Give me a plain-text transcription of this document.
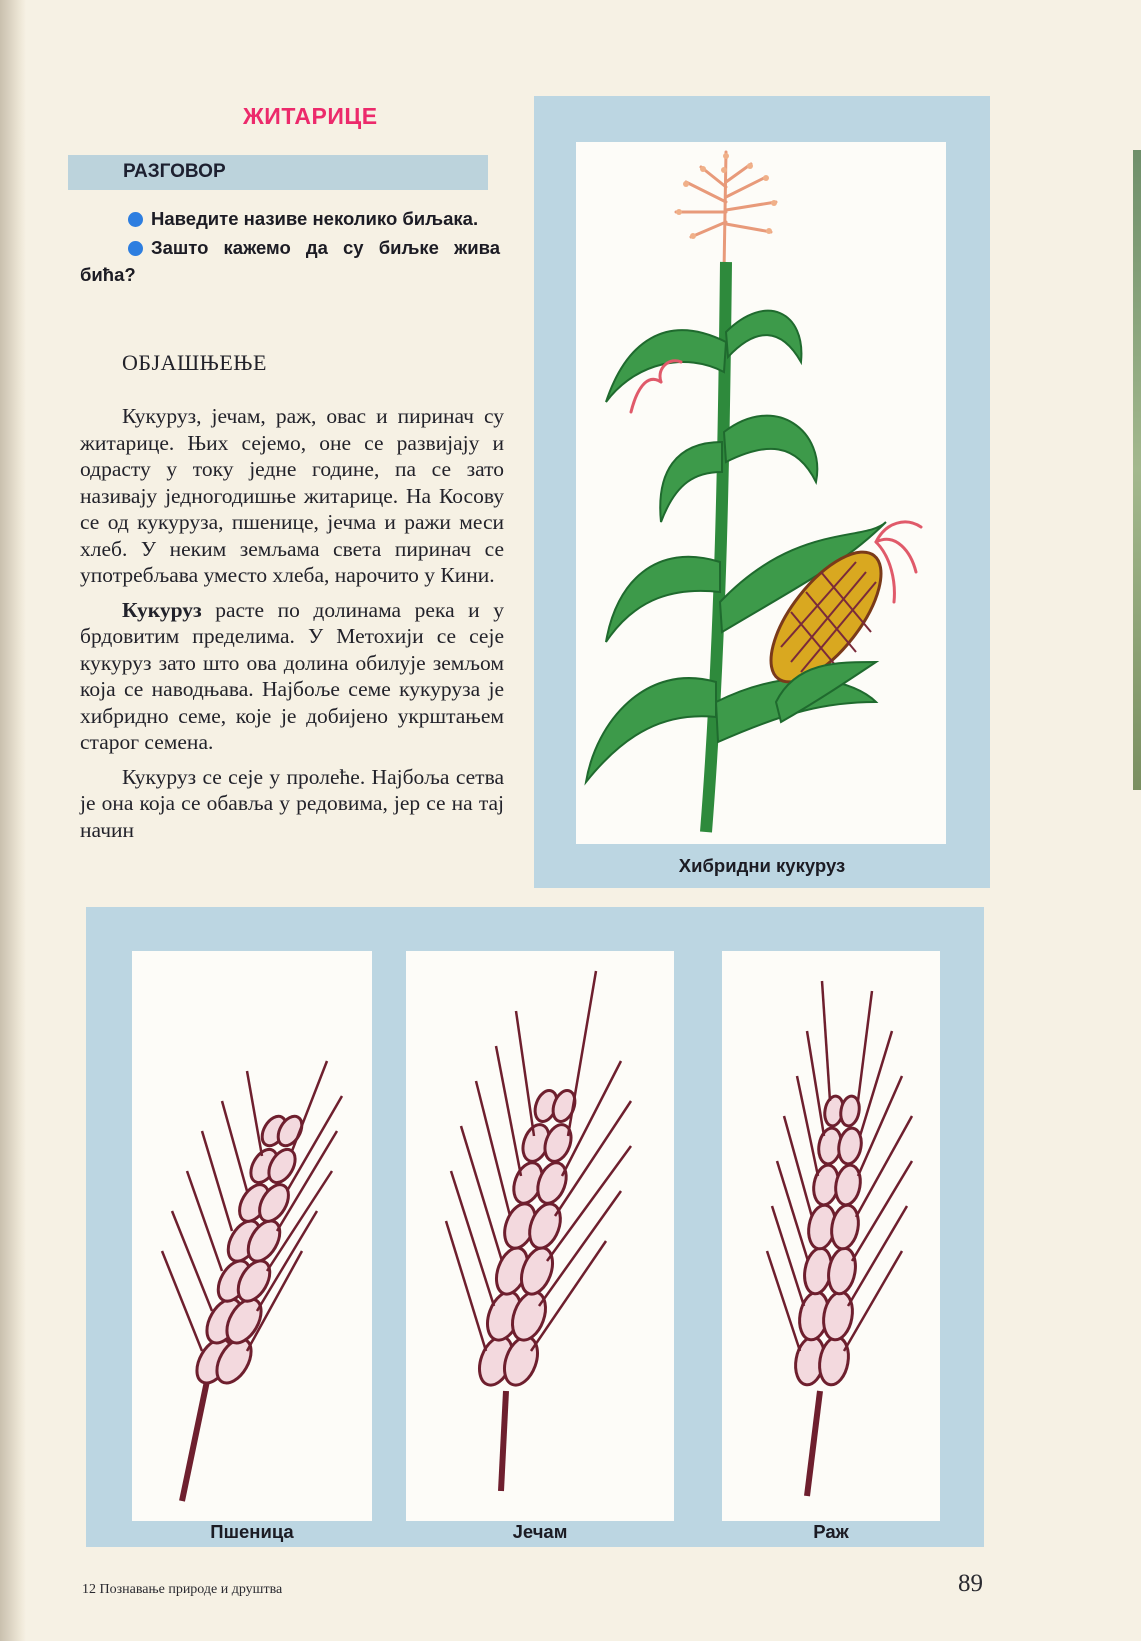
ЖИТАРИЦЕ
РАЗГОВОР

Наведите називе неколико биљака.

Зашто кажемо да су биљке жива бића?

ОБЈАШЊЕЊЕ

Кукуруз, јечам, раж, овас и пиринач су житарице. Њих сејемо, оне се развијају и одрасту у току једне године, па се зато називају једногодишње житарице. На Косову се од кукуруза, пшенице, јечма и ражи меси хлеб. У неким земљама света пиринач се употребљава уместо хлеба, нарочито у Кини.

Кукуруз расте по долинама река и у брдовитим пределима. У Метохији се сеје кукуруз зато што ова долина обилује земљом која се наводњава. Најбоље семе кукуруза је хибридно семе, које је добијено укрштањем старог семена.

Кукуруз се сеје у пролеће. Најбоља сетва је она која се обавља у редовима, јер се на тај начин

Хибридни кукуруз
Пшеница	Јечам	Раж
12 Познавање природе и друштва	89
